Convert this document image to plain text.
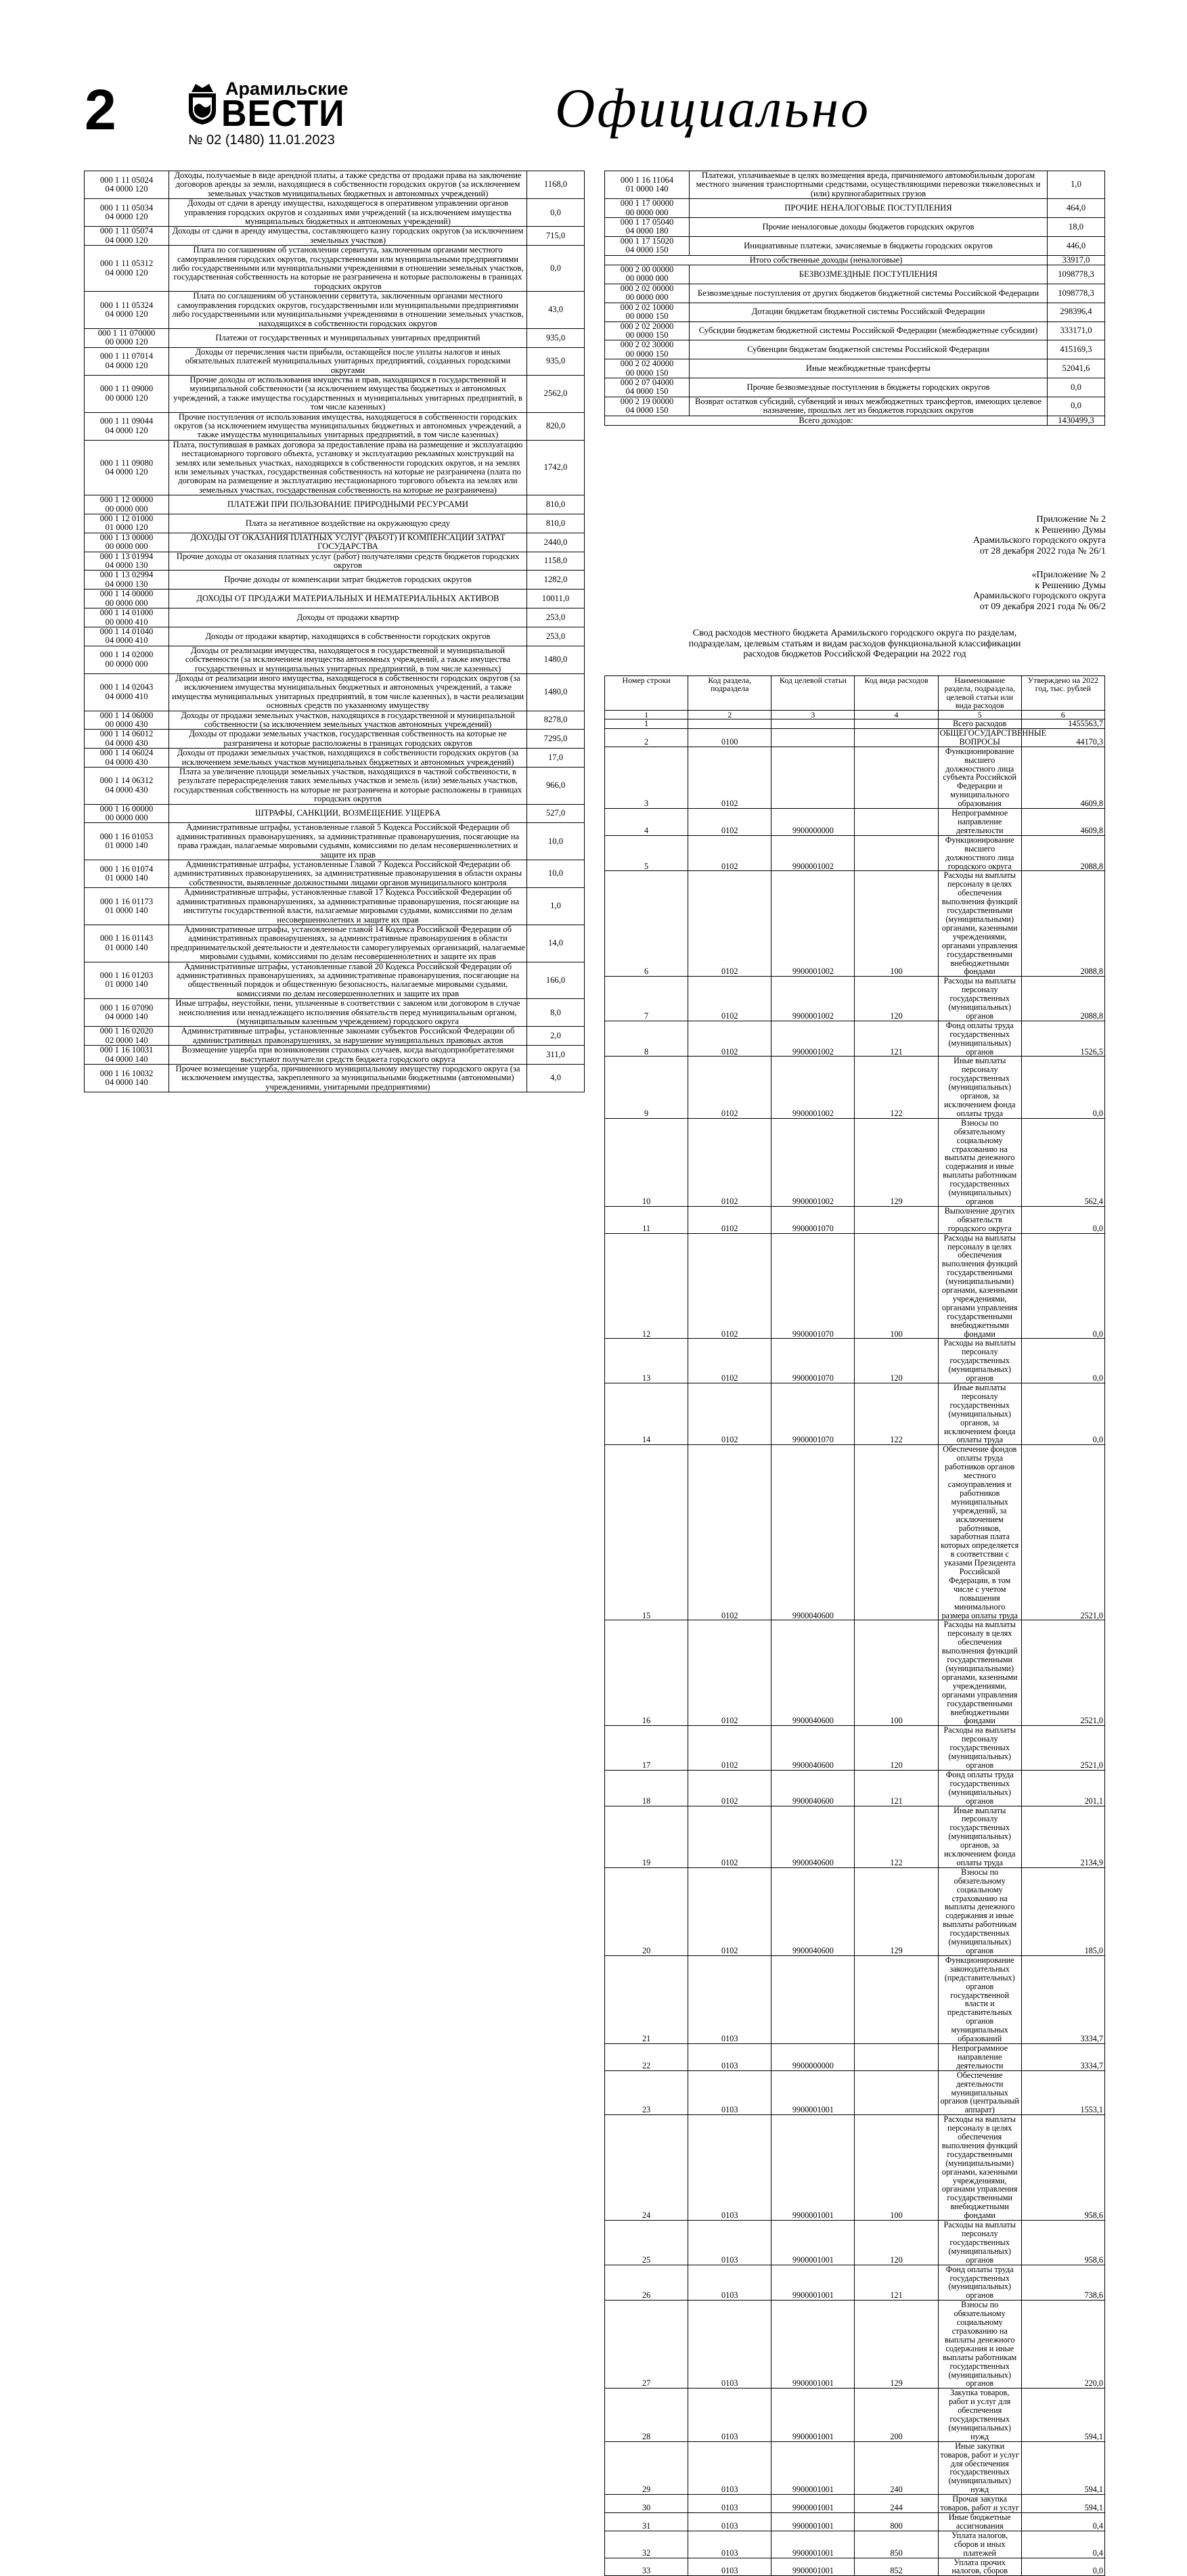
2	Арамильские
ВЕСТИ
№ 02 (1480) 11.01.2023
Официально
000 1 11 05024
04 0000 120	Доходы, получаемые в виде арендной платы, а также средства от продажи права на заключение договоров аренды за земли, находящиеся в собственности городских округов (за исключением земельных участков муниципальных бюджетных и автономных учреждений)	1168,0
000 1 11 05034
04 0000 120	Доходы от сдачи в аренду имущества, находящегося в оперативном управлении органов управления городских округов и созданных ими учреждений (за исключением имущества муниципальных бюджетных и автономных учреждений)	0,0
000 1 11 05074
04 0000 120	Доходы от сдачи в аренду имущества, составляющего казну городских округов (за исключением земельных участков)	715,0
000 1 11 05312
04 0000 120	Плата по соглашениям об установлении сервитута, заключенным органами местного самоуправления городских округов, государственными или муниципальными предприятиями либо государственными или муниципальными учреждениями в отношении земельных участков, государственная собственность на которые не разграничена и которые расположены в границах городских округов	0,0
000 1 11 05324
04 0000 120	Плата по соглашениям об установлении сервитута, заключенным органами местного самоуправления городских округов, государственными или муниципальными предприятиями либо государственными или муниципальными учреждениями в отношении земельных участков, находящихся в собственности городских округов	43,0
000 1 11 070000
00 0000 120	Платежи от государственных и муниципальных унитарных предприятий	935,0
000 1 11 07014
04 0000 120	Доходы от перечисления части прибыли, остающейся после уплаты налогов и иных обязательных платежей муниципальных унитарных предприятий, созданных городскими округами	935,0
000 1 11 09000
00 0000 120	Прочие доходы от использования имущества и прав, находящихся в государственной и муниципальной собственности (за исключением имущества бюджетных и автономных учреждений, а также имущества государственных и муниципальных унитарных предприятий, в том числе казенных)	2562,0
000 1 11 09044
04 0000 120	Прочие поступления от использования имущества, находящегося в собственности городских округов (за исключением имущества муниципальных бюджетных и автономных учреждений, а также имущества муниципальных унитарных предприятий, в том числе казенных)	820,0
000 1 11 09080
04 0000 120	Плата, поступившая в рамках договора за предоставление права на размещение и эксплуатацию нестационарного торгового объекта, установку и эксплуатацию рекламных конструкций на землях или земельных участках, находящихся в собственности городских округов, и на землях или земельных участках, государственная собственность на которые не разграничена (плата по договорам на размещение и эксплуатацию нестационарного торгового объекта на землях или земельных участках, государственная собственность на которые не разграничена)	1742,0
000 1 12 00000
00 0000 000	ПЛАТЕЖИ ПРИ ПОЛЬЗОВАНИЕ ПРИРОДНЫМИ РЕСУРСАМИ	810,0
000 1 12 01000
01 0000 120	Плата за негативное воздействие на окружающую среду	810,0
000 1 13 00000
00 0000 000	ДОХОДЫ ОТ ОКАЗАНИЯ ПЛАТНЫХ УСЛУГ (РАБОТ) И КОМПЕНСАЦИИ ЗАТРАТ ГОСУДАРСТВА	2440,0
000 1 13 01994
04 0000 130	Прочие доходы от оказания платных услуг (работ) получателями средств бюджетов городских округов	1158,0
000 1 13 02994
04 0000 130	Прочие доходы от компенсации затрат бюджетов городских округов	1282,0
000 1 14 00000
00 0000 000	ДОХОДЫ ОТ ПРОДАЖИ МАТЕРИАЛЬНЫХ И НЕМАТЕРИАЛЬНЫХ АКТИВОВ	10011,0
000 1 14 01000
00 0000 410	Доходы от продажи квартир	253,0
000 1 14 01040
04 0000 410	Доходы от продажи квартир, находящихся в собственности городских округов	253,0
000 1 14 02000
00 0000 000	Доходы от реализации имущества, находящегося в государственной и муниципальной собственности (за исключением имущества автономных учреждений, а также имущества государственных и муниципальных унитарных предприятий, в том числе казенных)	1480,0
000 1 14 02043
04 0000 410	Доходы от реализации иного имущества, находящегося в собственности городских округов (за исключением имущества муниципальных бюджетных и автономных учреждений, а также имущества муниципальных унитарных предприятий, в том числе казенных), в части реализации основных средств по указанному имуществу	1480,0
000 1 14 06000
00 0000 430	Доходы от продажи земельных участков, находящихся в государственной и муниципальной собственности (за исключением земельных участков автономных учреждений)	8278,0
000 1 14 06012
04 0000 430	Доходы от продажи земельных участков, государственная собственность на которые не разграничена и которые расположены в границах городских округов	7295,0
000 1 14 06024
04 0000 430	Доходы от продажи земельных участков, находящихся в собственности городских округов (за исключением земельных участков муниципальных бюджетных и автономных учреждений)	17,0
000 1 14 06312
04 0000 430	Плата за увеличение площади земельных участков, находящихся в частной собственности, в результате перераспределения таких земельных участков и земель (или) земельных участков, государственная собственность на которые не разграничена и которые расположены в границах городских округов	966,0
000 1 16 00000
00 0000 000	ШТРАФЫ, САНКЦИИ, ВОЗМЕЩЕНИЕ УЩЕРБА	527,0
000 1 16 01053
01 0000 140	Административные штрафы, установленные главой 5 Кодекса Российской Федерации об административных правонарушениях, за административные правонарушения, посягающие на права граждан, налагаемые мировыми судьями, комиссиями по делам несовершеннолетних и защите их прав	10,0
000 1 16 01074
01 0000 140	Административные штрафы, установленные Главой 7 Кодекса Российской Федерации об административных правонарушениях, за административные правонарушения в области охраны собственности, выявленные должностными лицами органов муниципального контроля	10,0
000 1 16 01173
01 0000 140	Административные штрафы, установленные главой 17 Кодекса Российской Федерации об административных правонарушениях, за административные правонарушения, посягающие на институты государственной власти, налагаемые мировыми судьями, комиссиями по делам несовершеннолетних и защите их прав	1,0
000 1 16 01143
01 0000 140	Административные штрафы, установленные главой 14 Кодекса Российской Федерации об административных правонарушениях, за административные правонарушения в области предпринимательской деятельности и деятельности саморегулируемых организаций, налагаемые мировыми судьями, комиссиями по делам несовершеннолетних и защите их прав	14,0
000 1 16 01203
01 0000 140	Административные штрафы, установленные главой 20 Кодекса Российской Федерации об административных правонарушениях, за административные правонарушения, посягающие на общественный порядок и общественную безопасность, налагаемые мировыми судьями, комиссиями по делам несовершеннолетних и защите их прав	166,0
000 1 16 07090
04 0000 140	Иные штрафы, неустойки, пени, уплаченные в соответствии с законом или договором в случае неисполнения или ненадлежащего исполнения обязательств перед муниципальным органом, (муниципальным казенным учреждением) городского округа	8,0
000 1 16 02020
02 0000 140	Административные штрафы, установленные законами субъектов Российской Федерации об административных правонарушениях, за нарушение муниципальных правовых актов	2,0
000 1 16 10031
04 0000 140	Возмещение ущерба при возникновении страховых случаев, когда выгодоприобретателями выступают получатели средств бюджета городского округа	311,0
000 1 16 10032
04 0000 140	Прочее возмещение ущерба, причиненного муниципальному имуществу городского округа (за исключением имущества, закрепленного за муниципальными бюджетными (автономными) учреждениями, унитарными предприятиями)	4,0
000 1 16 11064
01 0000 140	Платежи, уплачиваемые в целях возмещения вреда, причиняемого автомобильным дорогам местного значения транспортными средствами, осуществляющими перевозки тяжеловесных и (или) крупногабаритных грузов	1,0
000 1 17 00000
00 0000 000	ПРОЧИЕ НЕНАЛОГОВЫЕ ПОСТУПЛЕНИЯ	464,0
000 1 17 05040
04 0000 180	Прочие неналоговые доходы бюджетов городских округов	18,0
000 1 17 15020
04 0000 150	Инициативные платежи, зачисляемые в бюджеты городских округов	446,0
Итого собственные доходы (неналоговые)		33917,0
000 2 00 00000
00 0000 000	БЕЗВОЗМЕЗДНЫЕ ПОСТУПЛЕНИЯ	1098778,3
000 2 02 00000
00 0000 000	Безвозмездные поступления от других бюджетов бюджетной системы Российской Федерации	1098778,3
000 2 02 10000
00 0000 150	Дотации бюджетам бюджетной системы Российской Федерации	298396,4
000 2 02 20000
00 0000 150	Субсидии бюджетам бюджетной системы Российской Федерации (межбюджетные субсидии)	333171,0
000 2 02 30000
00 0000 150	Субвенции бюджетам бюджетной системы Российской Федерации	415169,3
000 2 02 40000
00 0000 150	Иные межбюджетные трансферты	52041,6
000 2 07 04000
04 0000 150	Прочие безвозмездные поступления в бюджеты городских округов	0,0
000 2 19 00000
04 0000 150	Возврат остатков субсидий, субвенций и иных межбюджетных трансфертов, имеющих целевое назначение, прошлых лет из бюджетов городских округов	0,0
Всего доходов:		1430499,3
Приложение № 2
к Решению Думы
Арамильского городского округа
от 28 декабря 2022 года № 26/1
«Приложение № 2
к Решению Думы
Арамильского городского округа
от 09 декабря 2021 года № 06/2
Свод расходов местного бюджета Арамильского городского округа по разделам,
подразделам, целевым статьям и видам расходов функциональной классификации
расходов бюджетов Российской Федерации на 2022 год
Номер строки	Код раздела, подраздела	Код целевой статьи	Код вида расходов	Наименование раздела, подраздела, целевой статьи или вида расходов	Утверждено на 2022 год, тыс. рублей
1	2	3	4	5	6
1				Всего расходов	1455563,7
2	0100			ОБЩЕГОСУДАРСТВЕННЫЕ ВОПРОСЫ	44170,3
3	0102			Функционирование высшего должностного лица субъекта Российской Федерации и муниципального образования	4609,8
4	0102	9900000000		Непрограммное направление деятельности	4609,8
5	0102	9900001002		Функционирование высшего должностного лица городского округа	2088,8
6	0102	9900001002	100	Расходы на выплаты персоналу в целях обеспечения выполнения функций государственными (муниципальными) органами, казенными учреждениями, органами управления государственными внебюджетными фондами	2088,8
7	0102	9900001002	120	Расходы на выплаты персоналу государственных (муниципальных) органов	2088,8
8	0102	9900001002	121	Фонд оплаты труда государственных (муниципальных) органов	1526,5
9	0102	9900001002	122	Иные выплаты персоналу государственных (муниципальных) органов, за исключением фонда оплаты труда	0,0
10	0102	9900001002	129	Взносы по обязательному социальному страхованию на выплаты денежного содержания и иные выплаты работникам государственных (муниципальных) органов	562,4
11	0102	9900001070		Выполнение других обязательств городского округа	0,0
12	0102	9900001070	100	Расходы на выплаты персоналу в целях обеспечения выполнения функций государственными (муниципальными) органами, казенными учреждениями, органами управления государственными внебюджетными фондами	0,0
13	0102	9900001070	120	Расходы на выплаты персоналу государственных (муниципальных) органов	0,0
14	0102	9900001070	122	Иные выплаты персоналу государственных (муниципальных) органов, за исключением фонда оплаты труда	0,0
15	0102	9900040600		Обеспечение фондов оплаты труда работников органов местного самоуправления и работников муниципальных учреждений, за исключением работников, заработная плата которых определяется в соответствии с указами Президента Российской Федерации, в том числе с учетом повышения минимального размера оплаты труда	2521,0
16	0102	9900040600	100	Расходы на выплаты персоналу в целях обеспечения выполнения функций государственными (муниципальными) органами, казенными учреждениями, органами управления государственными внебюджетными фондами	2521,0
17	0102	9900040600	120	Расходы на выплаты персоналу государственных (муниципальных) органов	2521,0
18	0102	9900040600	121	Фонд оплаты труда государственных (муниципальных) органов	201,1
19	0102	9900040600	122	Иные выплаты персоналу государственных (муниципальных) органов, за исключением фонда оплаты труда	2134,9
20	0102	9900040600	129	Взносы по обязательному социальному страхованию на выплаты денежного содержания и иные выплаты работникам государственных (муниципальных) органов	185,0
21	0103			Функционирование законодательных (представительных) органов государственной власти и представительных органов муниципальных образований	3334,7
22	0103	9900000000		Непрограммное направление деятельности	3334,7
23	0103	9900001001		Обеспечение деятельности муниципальных органов (центральный аппарат)	1553,1
24	0103	9900001001	100	Расходы на выплаты персоналу в целях обеспечения выполнения функций государственными (муниципальными) органами, казенными учреждениями, органами управления государственными внебюджетными фондами	958,6
25	0103	9900001001	120	Расходы на выплаты персоналу государственных (муниципальных) органов	958,6
26	0103	9900001001	121	Фонд оплаты труда государственных (муниципальных) органов	738,6
27	0103	9900001001	129	Взносы по обязательному социальному страхованию на выплаты денежного содержания и иные выплаты работникам государственных (муниципальных) органов	220,0
28	0103	9900001001	200	Закупка товаров, работ и услуг для обеспечения государственных (муниципальных) нужд	594,1
29	0103	9900001001	240	Иные закупки товаров, работ и услуг для обеспечения государственных (муниципальных) нужд	594,1
30	0103	9900001001	244	Прочая закупка товаров, работ и услуг	594,1
31	0103	9900001001	800	Иные бюджетные ассигнования	0,4
32	0103	9900001001	850	Уплата налогов, сборов и иных платежей	0,4
33	0103	9900001001	852	Уплата прочих налогов, сборов	0,0
